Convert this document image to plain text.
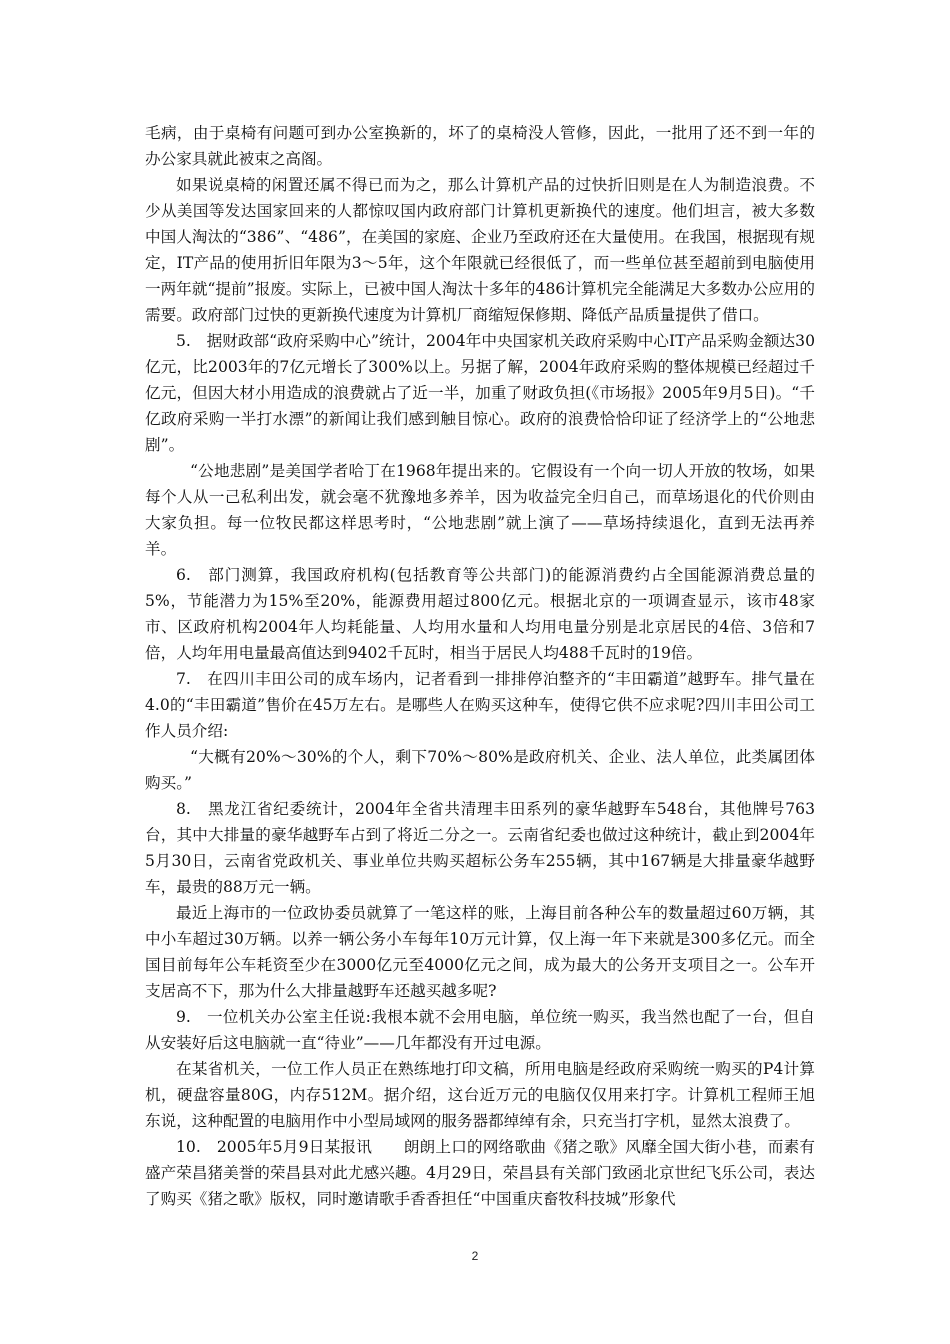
毛病，由于桌椅有问题可到办公室换新的，坏了的桌椅没人管修，因此，一批用了还不到一年的办公家具就此被束之高阁。

如果说桌椅的闲置还属不得已而为之，那么计算机产品的过快折旧则是在人为制造浪费。不少从美国等发达国家回来的人都惊叹国内政府部门计算机更新换代的速度。他们坦言，被大多数中国人淘汰的“386”、“486”，在美国的家庭、企业乃至政府还在大量使用。在我国，根据现有规定，IT产品的使用折旧年限为3～5年，这个年限就已经很低了，而一些单位甚至超前到电脑使用一两年就“提前”报废。实际上，已被中国人淘汰十多年的486计算机完全能满足大多数办公应用的需要。政府部门过快的更新换代速度为计算机厂商缩短保修期、降低产品质量提供了借口。

5.　据财政部“政府采购中心”统计，2004年中央国家机关政府采购中心IT产品采购金额达30亿元，比2003年的7亿元增长了300%以上。另据了解，2004年政府采购的整体规模已经超过千亿元，但因大材小用造成的浪费就占了近一半，加重了财政负担(《市场报》2005年9月5日)。“千亿政府采购一半打水漂”的新闻让我们感到触目惊心。政府的浪费恰恰印证了经济学上的“公地悲剧”。

“公地悲剧”是美国学者哈丁在1968年提出来的。它假设有一个向一切人开放的牧场，如果每个人从一己私利出发，就会毫不犹豫地多养羊，因为收益完全归自己，而草场退化的代价则由大家负担。每一位牧民都这样思考时，“公地悲剧”就上演了——草场持续退化，直到无法再养羊。

6.　部门测算，我国政府机构(包括教育等公共部门)的能源消费约占全国能源消费总量的5%，节能潜力为15%至20%，能源费用超过800亿元。根据北京的一项调查显示，该市48家市、区政府机构2004年人均耗能量、人均用水量和人均用电量分别是北京居民的4倍、3倍和7倍，人均年用电量最高值达到9402千瓦时，相当于居民人均488千瓦时的19倍。

7.　在四川丰田公司的成车场内，记者看到一排排停泊整齐的“丰田霸道”越野车。排气量在4.0的“丰田霸道”售价在45万左右。是哪些人在购买这种车，使得它供不应求呢?四川丰田公司工作人员介绍:

“大概有20%～30%的个人，剩下70%～80%是政府机关、企业、法人单位，此类属团体购买。”

8.　黑龙江省纪委统计，2004年全省共清理丰田系列的豪华越野车548台，其他牌号763台，其中大排量的豪华越野车占到了将近二分之一。云南省纪委也做过这种统计，截止到2004年5月30日，云南省党政机关、事业单位共购买超标公务车255辆，其中167辆是大排量豪华越野车，最贵的88万元一辆。

最近上海市的一位政协委员就算了一笔这样的账，上海目前各种公车的数量超过60万辆，其中小车超过30万辆。以养一辆公务小车每年10万元计算，仅上海一年下来就是300多亿元。而全国目前每年公车耗资至少在3000亿元至4000亿元之间，成为最大的公务开支项目之一。公车开支居高不下，那为什么大排量越野车还越买越多呢?

9.　一位机关办公室主任说:我根本就不会用电脑，单位统一购买，我当然也配了一台，但自从安装好后这电脑就一直“待业”——几年都没有开过电源。

在某省机关，一位工作人员正在熟练地打印文稿，所用电脑是经政府采购统一购买的P4计算机，硬盘容量80G，内存512M。据介绍，这台近万元的电脑仅仅用来打字。计算机工程师王旭东说，这种配置的电脑用作中小型局域网的服务器都绰绰有余，只充当打字机，显然太浪费了。

10.　2005年5月9日某报讯　　朗朗上口的网络歌曲《猪之歌》风靡全国大街小巷，而素有盛产荣昌猪美誉的荣昌县对此尤感兴趣。4月29日，荣昌县有关部门致函北京世纪飞乐公司，表达了购买《猪之歌》版权，同时邀请歌手香香担任“中国重庆畜牧科技城”形象代

2
